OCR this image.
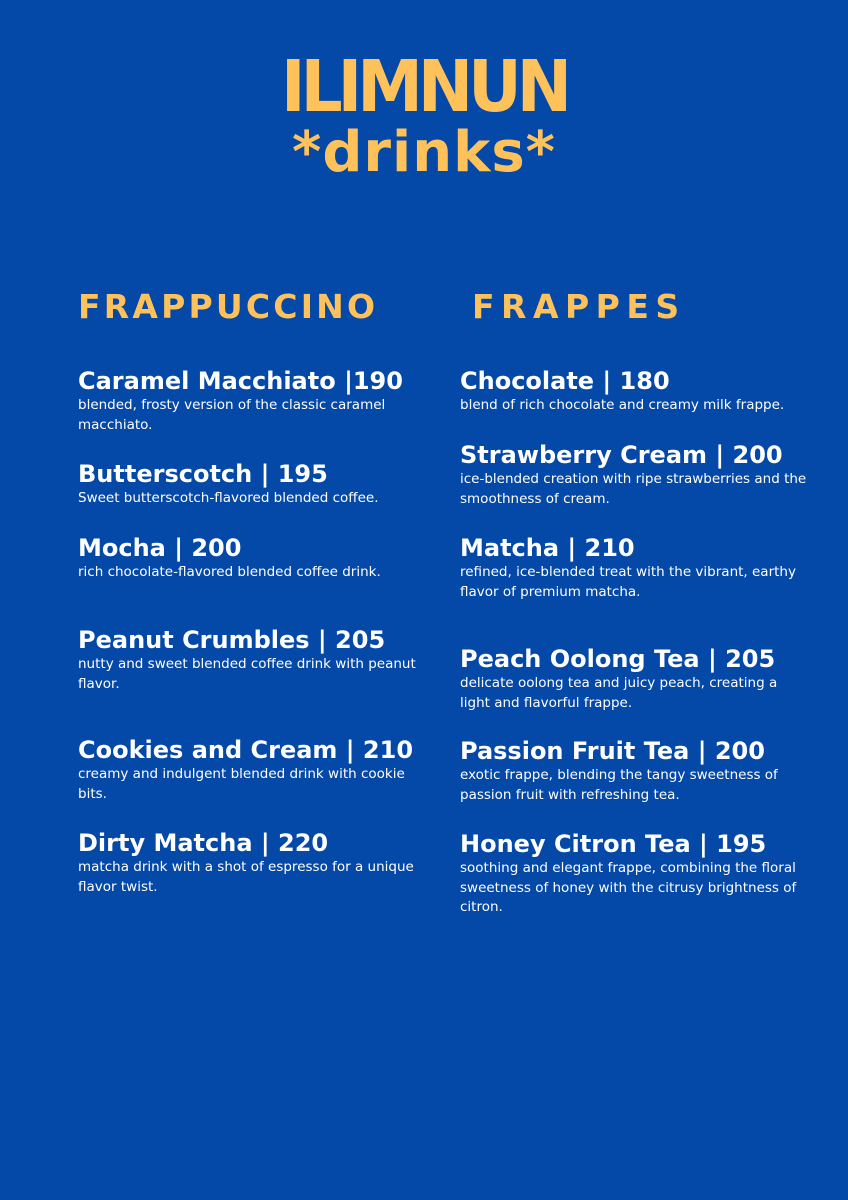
ILIMNUN
*drinks*
FRAPPUCCINO	FRAPPES

Caramel Macchiato |190

blended, frosty version of the classic caramel macchiato.

Butterscotch | 195

Sweet butterscotch-flavored blended coffee.

Mocha | 200

rich chocolate-flavored blended coffee drink.

Peanut Crumbles | 205

nutty and sweet blended coffee drink with peanut flavor.

Cookies and Cream | 210

creamy and indulgent blended drink with cookie bits.

Dirty Matcha | 220

matcha drink with a shot of espresso for a unique flavor twist.

Chocolate | 180

blend of rich chocolate and creamy milk frappe.

Strawberry Cream | 200

ice-blended creation with ripe strawberries and the smoothness of cream.

Matcha | 210

refined, ice-blended treat with the vibrant, earthy flavor of premium matcha.

Peach Oolong Tea | 205

delicate oolong tea and juicy peach, creating a light and flavorful frappe.

Passion Fruit Tea | 200

exotic frappe, blending the tangy sweetness of passion fruit with refreshing tea.

Honey Citron Tea | 195

soothing and elegant frappe, combining the floral sweetness of honey with the citrusy brightness of citron.
